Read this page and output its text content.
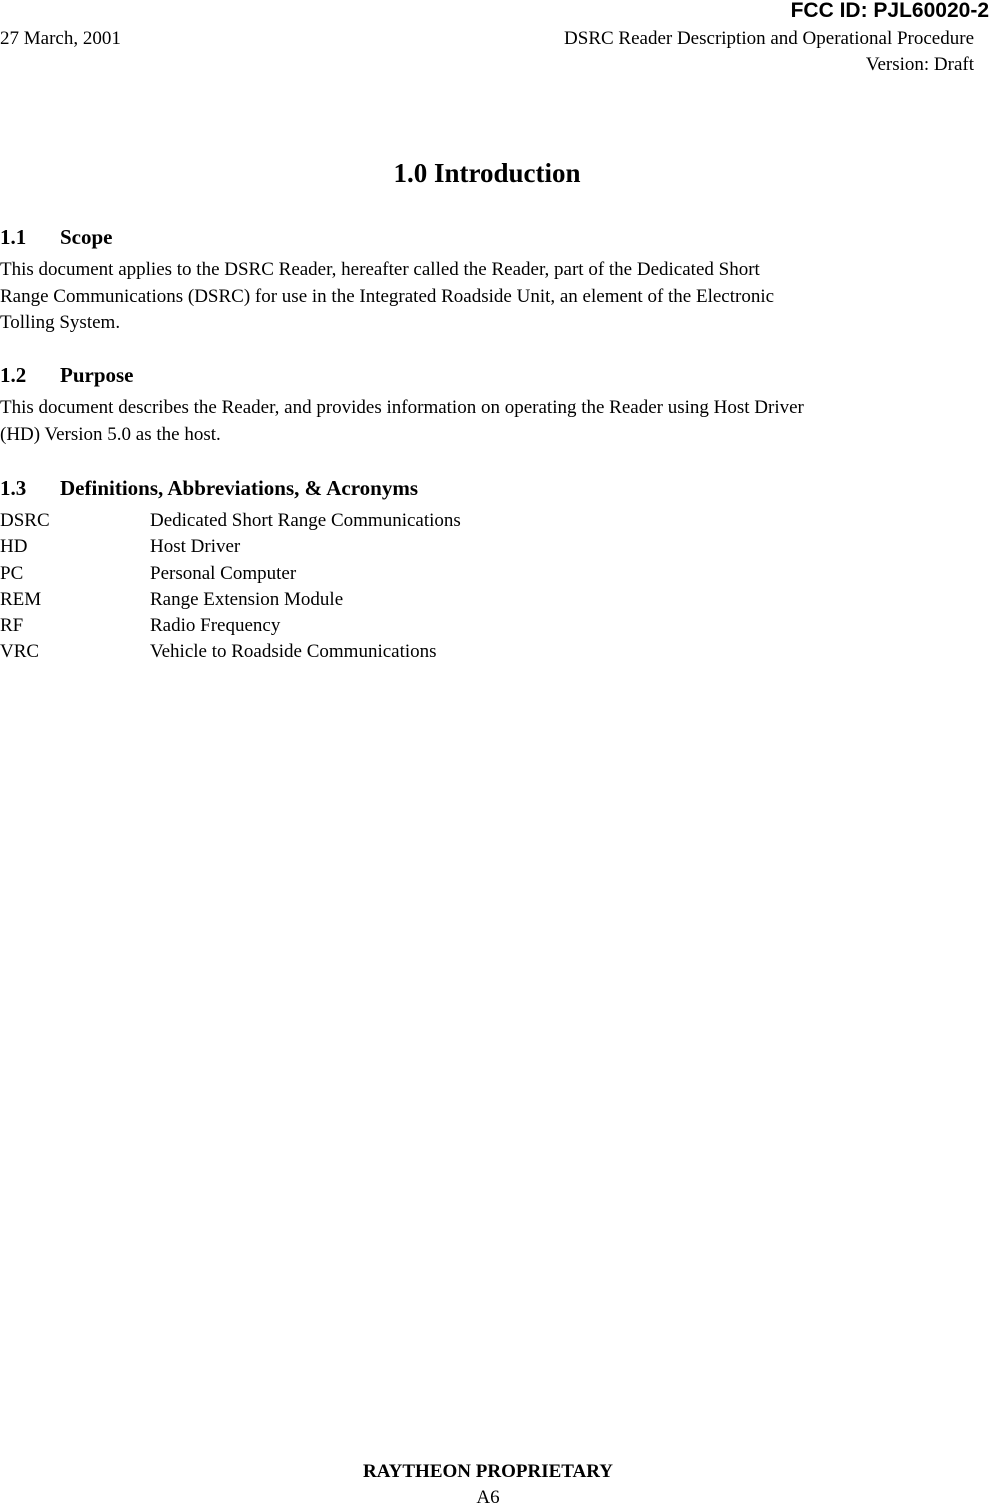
FCC ID: PJL60020-2
27 March, 2001	DSRC Reader Description and Operational Procedure
Version: Draft
1.0 Introduction
1.1 Scope
This document applies to the DSRC Reader, hereafter called the Reader, part of the Dedicated Short
Range Communications (DSRC) for use in the Integrated Roadside Unit, an element of the Electronic
Tolling System.
1.2 Purpose
This document describes the Reader, and provides information on operating the Reader using Host Driver
(HD) Version 5.0 as the host.
1.3 Definitions, Abbreviations, & Acronyms
DSRC	Dedicated Short Range Communications
HD	Host Driver
PC	Personal Computer
REM	Range Extension Module
RF	Radio Frequency
VRC	Vehicle to Roadside Communications
RAYTHEON PROPRIETARY
A6
